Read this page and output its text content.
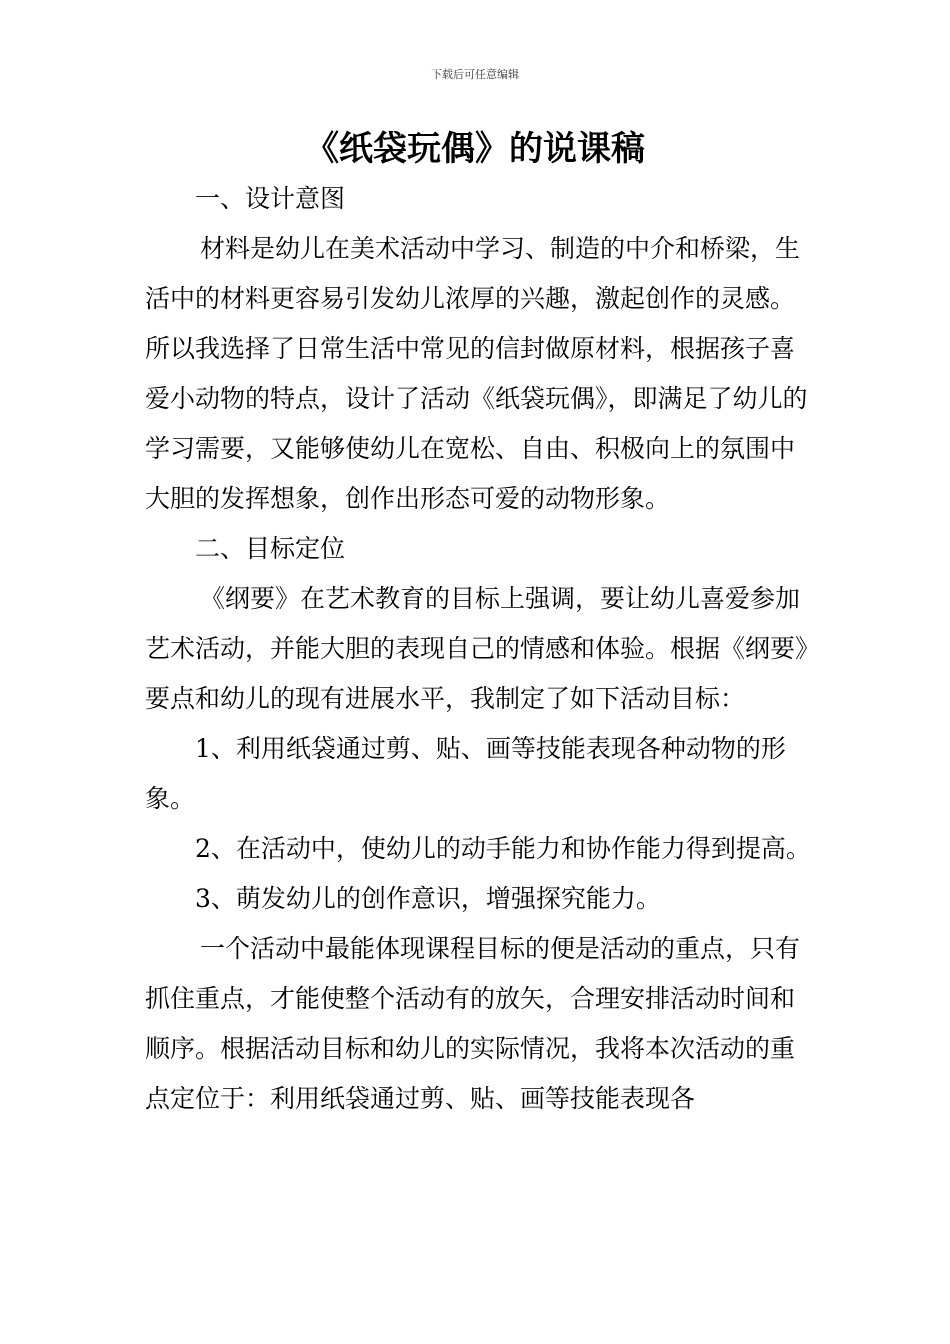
下载后可任意编辑
《纸袋玩偶》的说课稿

一、设计意图

材料是幼儿在美术活动中学习、制造的中介和桥梁，生活中的材料更容易引发幼儿浓厚的兴趣，激起创作的灵感。所以我选择了日常生活中常见的信封做原材料，根据孩子喜爱小动物的特点，设计了活动《纸袋玩偶》，即满足了幼儿的学习需要，又能够使幼儿在宽松、自由、积极向上的氛围中大胆的发挥想象，创作出形态可爱的动物形象。

二、目标定位

《纲要》在艺术教育的目标上强调，要让幼儿喜爱参加艺术活动，并能大胆的表现自己的情感和体验。根据《纲要》要点和幼儿的现有进展水平，我制定了如下活动目标：

1、利用纸袋通过剪、贴、画等技能表现各种动物的形象。

2、在活动中，使幼儿的动手能力和协作能力得到提高。

3、萌发幼儿的创作意识，增强探究能力。

一个活动中最能体现课程目标的便是活动的重点，只有抓住重点，才能使整个活动有的放矢，合理安排活动时间和顺序。根据活动目标和幼儿的实际情况，我将本次活动的重点定位于：利用纸袋通过剪、贴、画等技能表现各
